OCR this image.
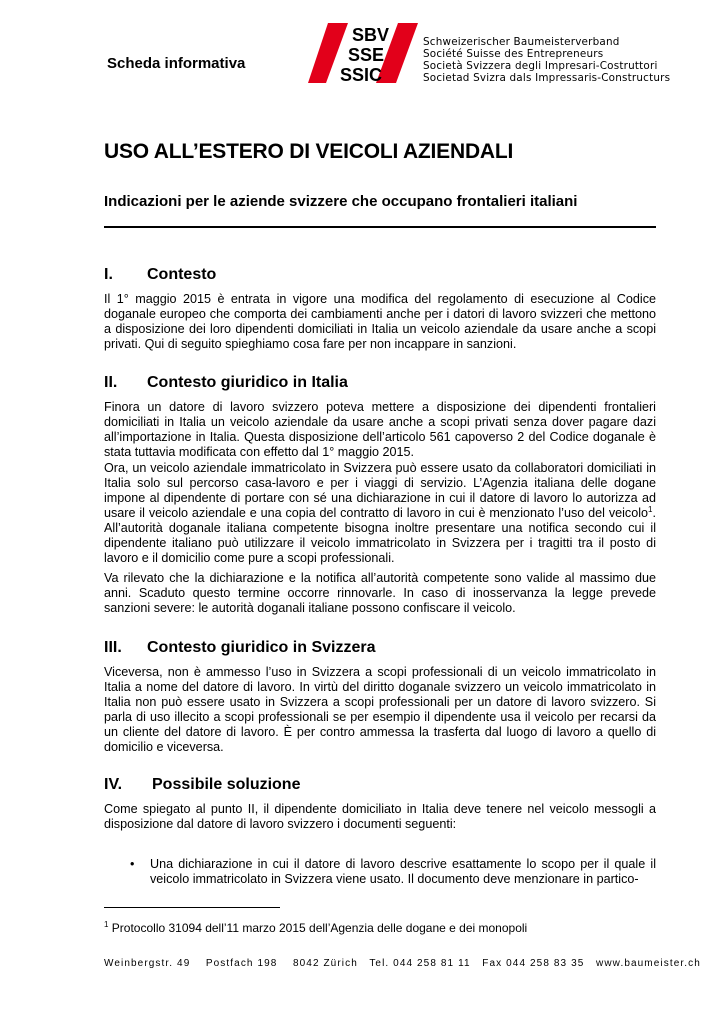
Scheda informativa
SBV
SSE
SSIC
Schweizerischer Baumeisterverband
Société Suisse des Entrepreneurs
Società Svizzera degli Impresari-Costruttori
Societad Svizra dals Impressaris-Constructurs
USO ALL’ESTERO DI VEICOLI AZIENDALI
Indicazioni per le aziende svizzere che occupano frontalieri italiani
I. Contesto
Il 1° maggio 2015 è entrata in vigore una modifica del regolamento di esecuzione al Codice doganale europeo che comporta dei cambiamenti anche per i datori di lavoro svizzeri che mettono a disposizione dei loro dipendenti domiciliati in Italia un veicolo aziendale da usare anche a scopi privati. Qui di seguito spieghiamo cosa fare per non incappare in sanzioni.
II. Contesto giuridico in Italia
Finora un datore di lavoro svizzero poteva mettere a disposizione dei dipendenti frontalieri domiciliati in Italia un veicolo aziendale da usare anche a scopi privati senza dover pagare dazi all’importazione in Italia. Questa disposizione dell’articolo 561 capoverso 2 del Codice doganale è stata tuttavia modificata con effetto dal 1° maggio 2015.
Ora, un veicolo aziendale immatricolato in Svizzera può essere usato da collaboratori domiciliati in Italia solo sul percorso casa-lavoro e per i viaggi di servizio. L’Agenzia italiana delle dogane impone al dipendente di portare con sé una dichiarazione in cui il datore di lavoro lo autorizza ad usare il veicolo aziendale e una copia del contratto di lavoro in cui è menzionato l’uso del veicolo$^1$. All’autorità doganale italiana competente bisogna inoltre presentare una notifica secondo cui il dipendente italiano può utilizzare il veicolo immatricolato in Svizzera per i tragitti tra il posto di lavoro e il domicilio come pure a scopi professionali.
Va rilevato che la dichiarazione e la notifica all’autorità competente sono valide al massimo due anni. Scaduto questo termine occorre rinnovarle. In caso di inosservanza la legge prevede sanzioni severe: le autorità doganali italiane possono confiscare il veicolo.
III. Contesto giuridico in Svizzera
Viceversa, non è ammesso l’uso in Svizzera a scopi professionali di un veicolo immatricolato in Italia a nome del datore di lavoro. In virtù del diritto doganale svizzero un veicolo immatricolato in Italia non può essere usato in Svizzera a scopi professionali per un datore di lavoro svizzero. Si parla di uso illecito a scopi professionali se per esempio il dipendente usa il veicolo per recarsi da un cliente del datore di lavoro. È per contro ammessa la trasferta dal luogo di lavoro a quello di domicilio e viceversa.
IV. Possibile soluzione
Come spiegato al punto II, il dipendente domiciliato in Italia deve tenere nel veicolo messogli a disposizione dal datore di lavoro svizzero i documenti seguenti:
• Una dichiarazione in cui il datore di lavoro descrive esattamente lo scopo per il quale il veicolo immatricolato in Svizzera viene usato. Il documento deve menzionare in partico-
$^1$ Protocollo 31094 dell’11 marzo 2015 dell’Agenzia delle dogane e dei monopoli
Weinbergstr. 49    Postfach 198    8042 Zürich   Tel. 044 258 81 11   Fax 044 258 83 35   www.baumeister.ch
